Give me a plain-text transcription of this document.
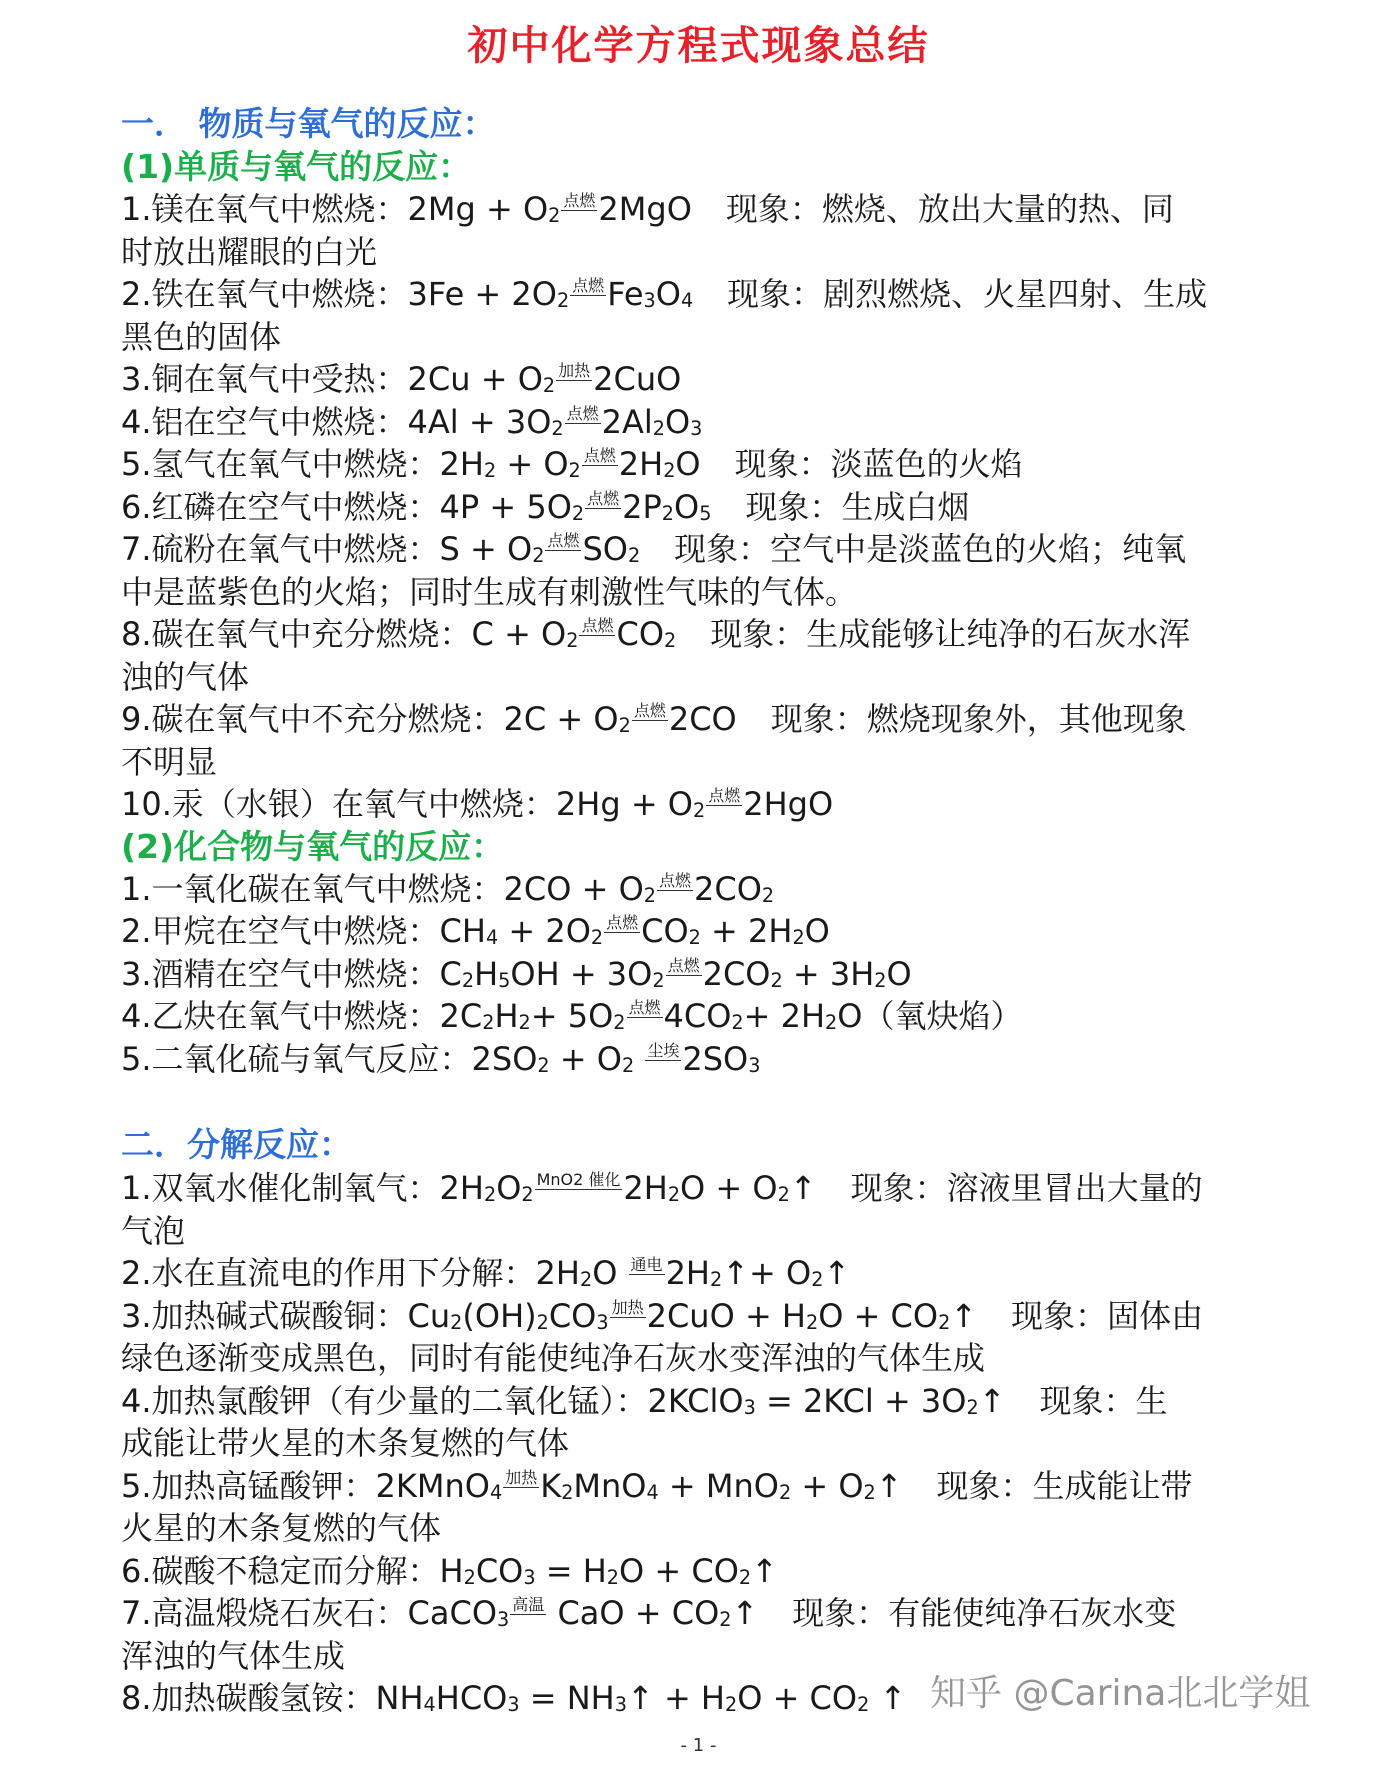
初中化学方程式现象总结
一． 物质与氧气的反应：
(1)单质与氧气的反应：
1.镁在氧气中燃烧：$2Mg + O_2$点燃2MgO 现象：燃烧、放出大量的热、同
时放出耀眼的白光
2.铁在氧气中燃烧：$3Fe + 2O_2$点燃$Fe_3O_4$ 现象：剧烈燃烧、火星四射、生成
黑色的固体
3.铜在氧气中受热：$2Cu + O_2$加热2CuO
4.铝在空气中燃烧：$4Al + 3O_2$点燃$2Al_2O_3$
5.氢气在氧气中燃烧：$2H_2 + O_2$点燃$2H_2O$ 现象：淡蓝色的火焰
6.红磷在空气中燃烧：$4P + 5O_2$点燃$2P_2O_5$ 现象：生成白烟
7.硫粉在氧气中燃烧：$S + O_2$点燃$SO_2$ 现象：空气中是淡蓝色的火焰；纯氧
中是蓝紫色的火焰；同时生成有刺激性气味的气体。
8.碳在氧气中充分燃烧：$C + O_2$点燃$CO_2$ 现象：生成能够让纯净的石灰水浑
浊的气体
9.碳在氧气中不充分燃烧：$2C + O_2$点燃2CO 现象：燃烧现象外，其他现象
不明显
10.汞（水银）在氧气中燃烧：$2Hg + O_2$点燃2HgO
(2)化合物与氧气的反应：
1.一氧化碳在氧气中燃烧：$2CO + O_2$点燃$2CO_2$
2.甲烷在空气中燃烧：$CH_4 + 2O_2$点燃$CO_2 + 2H_2O$
3.酒精在空气中燃烧：$C_2H_5OH + 3O_2$点燃$2CO_2 + 3H_2O$
4.乙炔在氧气中燃烧：$2C_2H_2+ 5O_2$点燃$4CO_2+ 2H_2O$（氧炔焰）
5.二氧化硫与氧气反应：$2SO_2 + O_2$ 尘埃$2SO_3$
二．分解反应：
1.双氧水催化制氧气：$2H_2O_2MnO2$ 催化$2H_2O$ + $O_2↑$ 现象：溶液里冒出大量的
气泡
2.水在直流电的作用下分解：$2H_2O$ 通电$2H_2↑+$ $O_2↑$
3.加热碱式碳酸铜：$Cu_2(OH)_2CO_3$加热$2CuO + H_2O$ + $CO_2↑$ 现象：固体由
绿色逐渐变成黑色，同时有能使纯净石灰水变浑浊的气体生成
4.加热氯酸钾（有少量的二氧化锰）：2KClO$_3$ = $2KCl + 3O_2↑$ 现象：生
成能让带火星的木条复燃的气体
5.加热高锰酸钾：2KMnO$_4$加热$K_2MnO_4 + MnO_2$ + $O_2↑$ 现象：生成能让带
火星的木条复燃的气体
6.碳酸不稳定而分解：$H_2CO_3 = H_2O$ + $CO_2↑$
7.高温煅烧石灰石：CaCO$_3$高温 CaO + $CO_2↑$ 现象：有能使纯净石灰水变
浑浊的气体生成
8.加热碳酸氢铵：$NH_4HCO_3$ = $NH_3↑ + H_2O + CO_2$ ↑ 知乎 @Carina北北学姐
- 1 -
